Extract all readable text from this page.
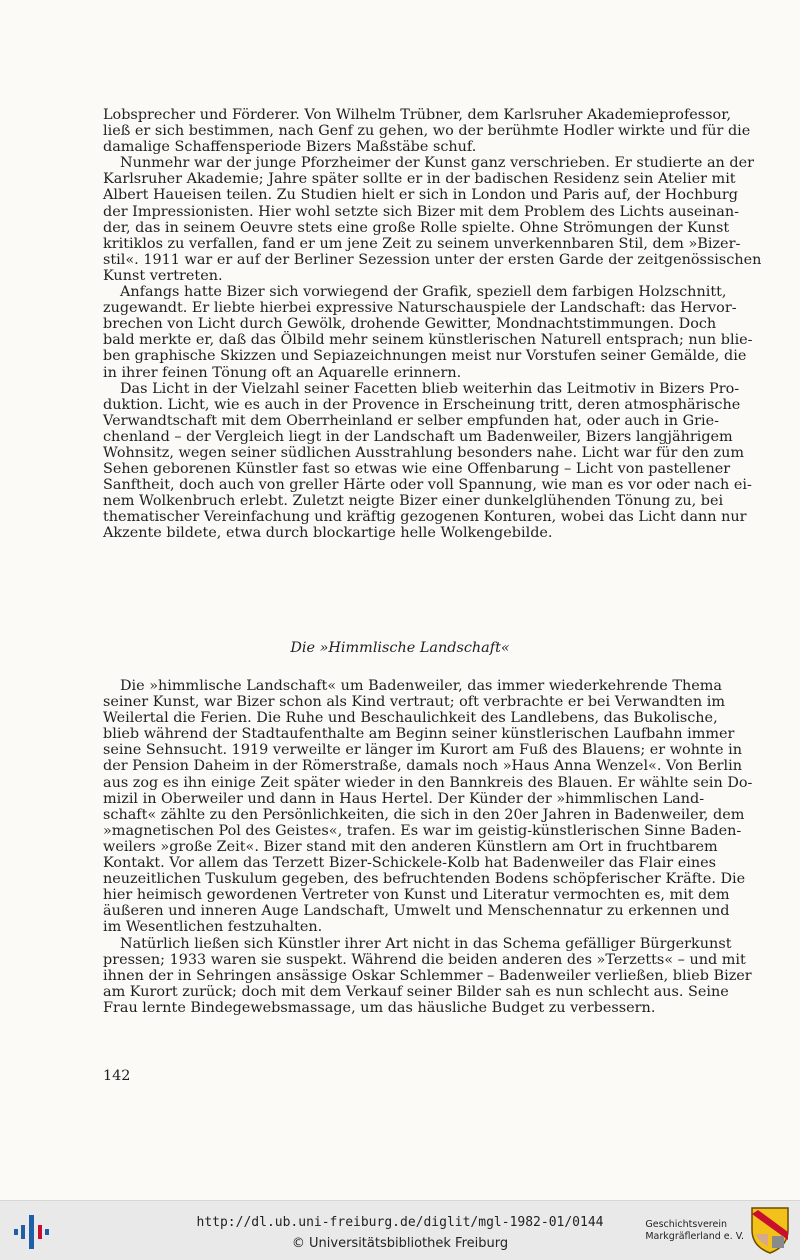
Lobsprecher und Förderer. Von Wilhelm Trübner, dem Karlsruher Akademieprofessor,
ließ er sich bestimmen, nach Genf zu gehen, wo der berühmte Hodler wirkte und für die
damalige Schaffensperiode Bizers Maßstäbe schuf.
Nunmehr war der junge Pforzheimer der Kunst ganz verschrieben. Er studierte an der
Karlsruher Akademie; Jahre später sollte er in der badischen Residenz sein Atelier mit
Albert Haueisen teilen. Zu Studien hielt er sich in London und Paris auf, der Hochburg
der Impressionisten. Hier wohl setzte sich Bizer mit dem Problem des Lichts auseinan-
der, das in seinem Oeuvre stets eine große Rolle spielte. Ohne Strömungen der Kunst
kritiklos zu verfallen, fand er um jene Zeit zu seinem unverkennbaren Stil, dem »Bizer-
stil«. 1911 war er auf der Berliner Sezession unter der ersten Garde der zeitgenössischen
Kunst vertreten.
Anfangs hatte Bizer sich vorwiegend der Grafik, speziell dem farbigen Holzschnitt,
zugewandt. Er liebte hierbei expressive Naturschauspiele der Landschaft: das Hervor-
brechen von Licht durch Gewölk, drohende Gewitter, Mondnachtstimmungen. Doch
bald merkte er, daß das Ölbild mehr seinem künstlerischen Naturell entsprach; nun blie-
ben graphische Skizzen und Sepiazeichnungen meist nur Vorstufen seiner Gemälde, die
in ihrer feinen Tönung oft an Aquarelle erinnern.
Das Licht in der Vielzahl seiner Facetten blieb weiterhin das Leitmotiv in Bizers Pro-
duktion. Licht, wie es auch in der Provence in Erscheinung tritt, deren atmosphärische
Verwandtschaft mit dem Oberrheinland er selber empfunden hat, oder auch in Grie-
chenland – der Vergleich liegt in der Landschaft um Badenweiler, Bizers langjährigem
Wohnsitz, wegen seiner südlichen Ausstrahlung besonders nahe. Licht war für den zum
Sehen geborenen Künstler fast so etwas wie eine Offenbarung – Licht von pastellener
Sanftheit, doch auch von greller Härte oder voll Spannung, wie man es vor oder nach ei-
nem Wolkenbruch erlebt. Zuletzt neigte Bizer einer dunkelglühenden Tönung zu, bei
thematischer Vereinfachung und kräftig gezogenen Konturen, wobei das Licht dann nur
Akzente bildete, etwa durch blockartige helle Wolkengebilde.
Die »Himmlische Landschaft«
Die »himmlische Landschaft« um Badenweiler, das immer wiederkehrende Thema
seiner Kunst, war Bizer schon als Kind vertraut; oft verbrachte er bei Verwandten im
Weilertal die Ferien. Die Ruhe und Beschaulichkeit des Landlebens, das Bukolische,
blieb während der Stadtaufenthalte am Beginn seiner künstlerischen Laufbahn immer
seine Sehnsucht. 1919 verweilte er länger im Kurort am Fuß des Blauens; er wohnte in
der Pension Daheim in der Römerstraße, damals noch »Haus Anna Wenzel«. Von Berlin
aus zog es ihn einige Zeit später wieder in den Bannkreis des Blauen. Er wählte sein Do-
mizil in Oberweiler und dann in Haus Hertel. Der Künder der »himmlischen Land-
schaft« zählte zu den Persönlichkeiten, die sich in den 20er Jahren in Badenweiler, dem
»magnetischen Pol des Geistes«, trafen. Es war im geistig-künstlerischen Sinne Baden-
weilers »große Zeit«. Bizer stand mit den anderen Künstlern am Ort in fruchtbarem
Kontakt. Vor allem das Terzett Bizer-Schickele-Kolb hat Badenweiler das Flair eines
neuzeitlichen Tuskulum gegeben, des befruchtenden Bodens schöpferischer Kräfte. Die
hier heimisch gewordenen Vertreter von Kunst und Literatur vermochten es, mit dem
äußeren und inneren Auge Landschaft, Umwelt und Menschennatur zu erkennen und
im Wesentlichen festzuhalten.
Natürlich ließen sich Künstler ihrer Art nicht in das Schema gefälliger Bürgerkunst
pressen; 1933 waren sie suspekt. Während die beiden anderen des »Terzetts« – und mit
ihnen der in Sehringen ansässige Oskar Schlemmer – Badenweiler verließen, blieb Bizer
am Kurort zurück; doch mit dem Verkauf seiner Bilder sah es nun schlecht aus. Seine
Frau lernte Bindegewebsmassage, um das häusliche Budget zu verbessern.
142
http://dl.ub.uni-freiburg.de/diglit/mgl-1982-01/0144
© Universitätsbibliothek Freiburg
Geschichtsverein
Markgräflerland e. V.
